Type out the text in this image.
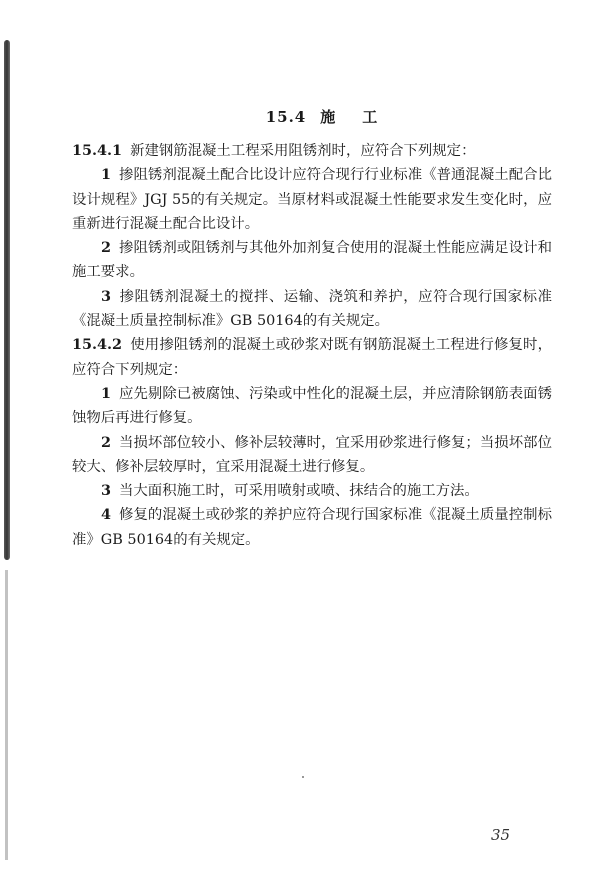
15.4 施 工

15.4.1 新建钢筋混凝土工程采用阻锈剂时，应符合下列规定：

1 掺阻锈剂混凝土配合比设计应符合现行行业标准《普通混凝土配合比设计规程》JGJ 55的有关规定。当原材料或混凝土性能要求发生变化时，应重新进行混凝土配合比设计。

2 掺阻锈剂或阻锈剂与其他外加剂复合使用的混凝土性能应满足设计和施工要求。

3 掺阻锈剂混凝土的搅拌、运输、浇筑和养护，应符合现行国家标准《混凝土质量控制标准》GB 50164的有关规定。

15.4.2 使用掺阻锈剂的混凝土或砂浆对既有钢筋混凝土工程进行修复时，应符合下列规定：

1 应先剔除已被腐蚀、污染或中性化的混凝土层，并应清除钢筋表面锈蚀物后再进行修复。

2 当损坏部位较小、修补层较薄时，宜采用砂浆进行修复；当损坏部位较大、修补层较厚时，宜采用混凝土进行修复。

3 当大面积施工时，可采用喷射或喷、抹结合的施工方法。

4 修复的混凝土或砂浆的养护应符合现行国家标准《混凝土质量控制标准》GB 50164的有关规定。

35
